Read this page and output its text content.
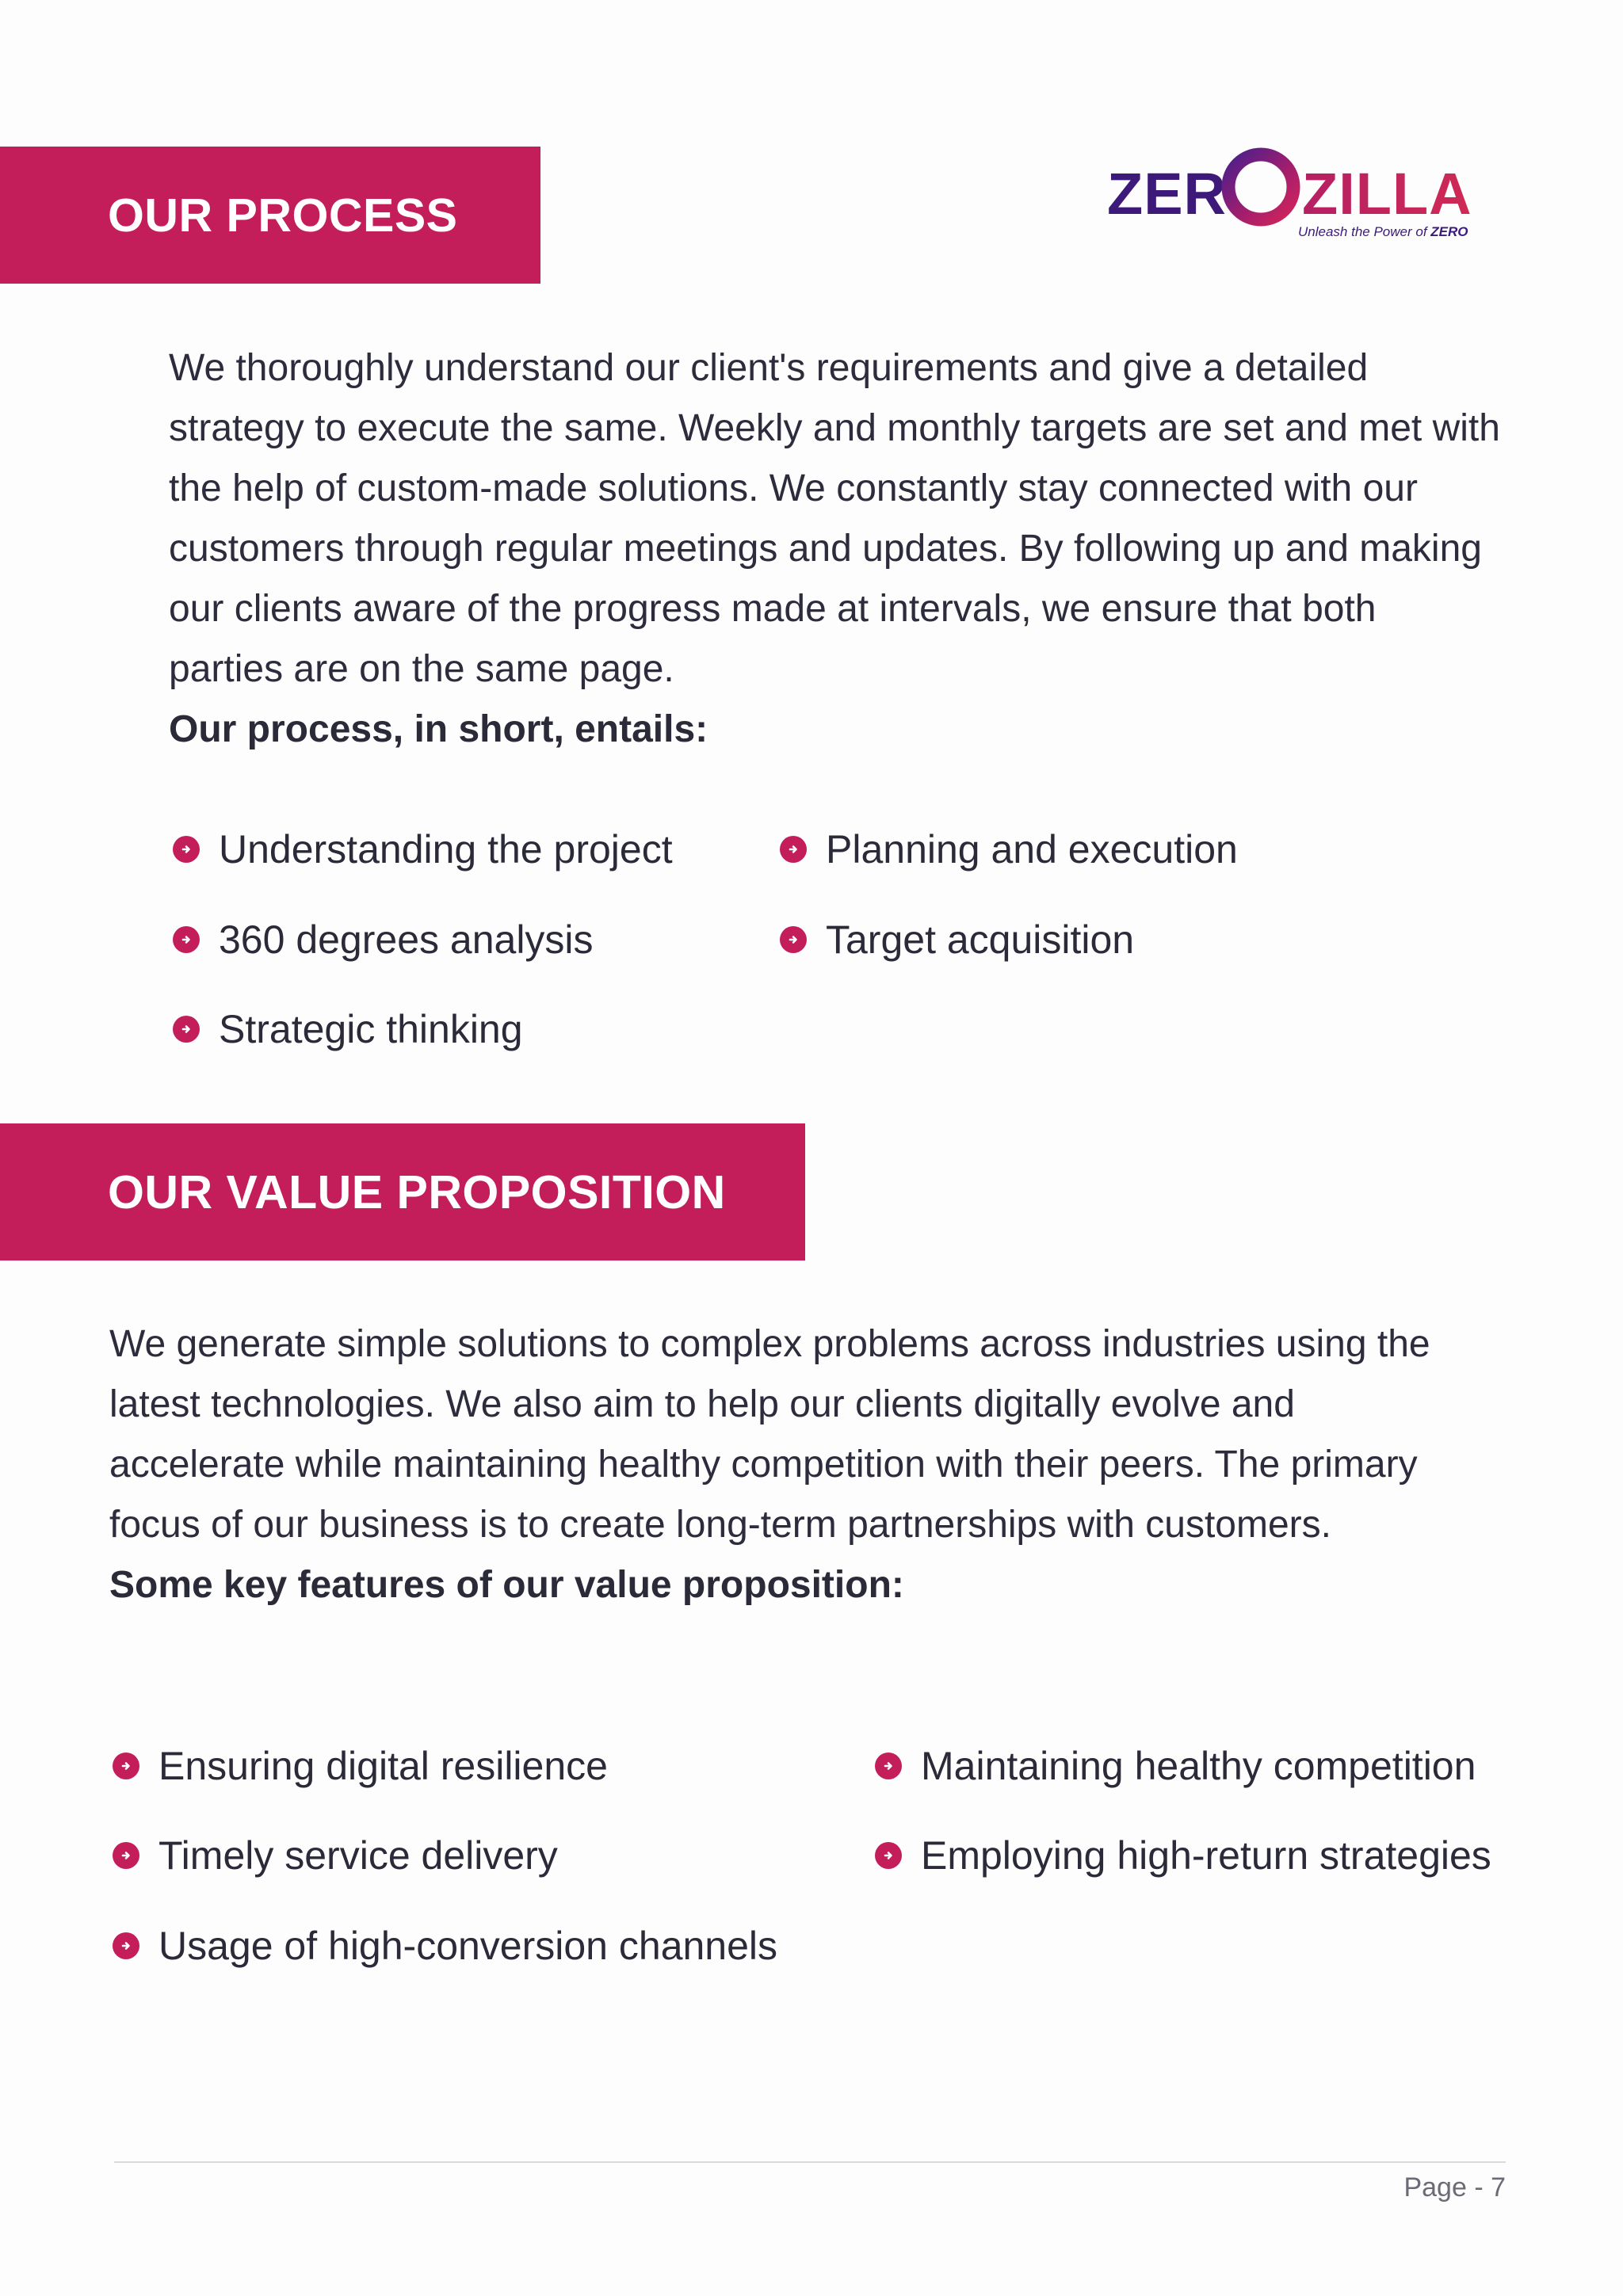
OUR PROCESS	ZER ZILLA
Unleash the Power of ZERO

We thoroughly understand our client's requirements and give a detailed strategy to execute the same. Weekly and monthly targets are set and met with the help of custom-made solutions. We constantly stay connected with our customers through regular meetings and updates. By following up and making our clients aware of the progress made at intervals, we ensure that both parties are on the same page.

Our process, in short, entails:

Understanding the project
360 degrees analysis
Strategic thinking
Planning and execution
Target acquisition
OUR VALUE PROPOSITION

We generate simple solutions to complex problems across industries using the latest technologies. We also aim to help our clients digitally evolve and accelerate while maintaining healthy competition with their peers. The primary focus of our business is to create long-term partnerships with customers.

Some key features of our value proposition:

Ensuring digital resilience
Timely service delivery
Usage of high-conversion channels
Maintaining healthy competition
Employing high-return strategies
Page - 7
